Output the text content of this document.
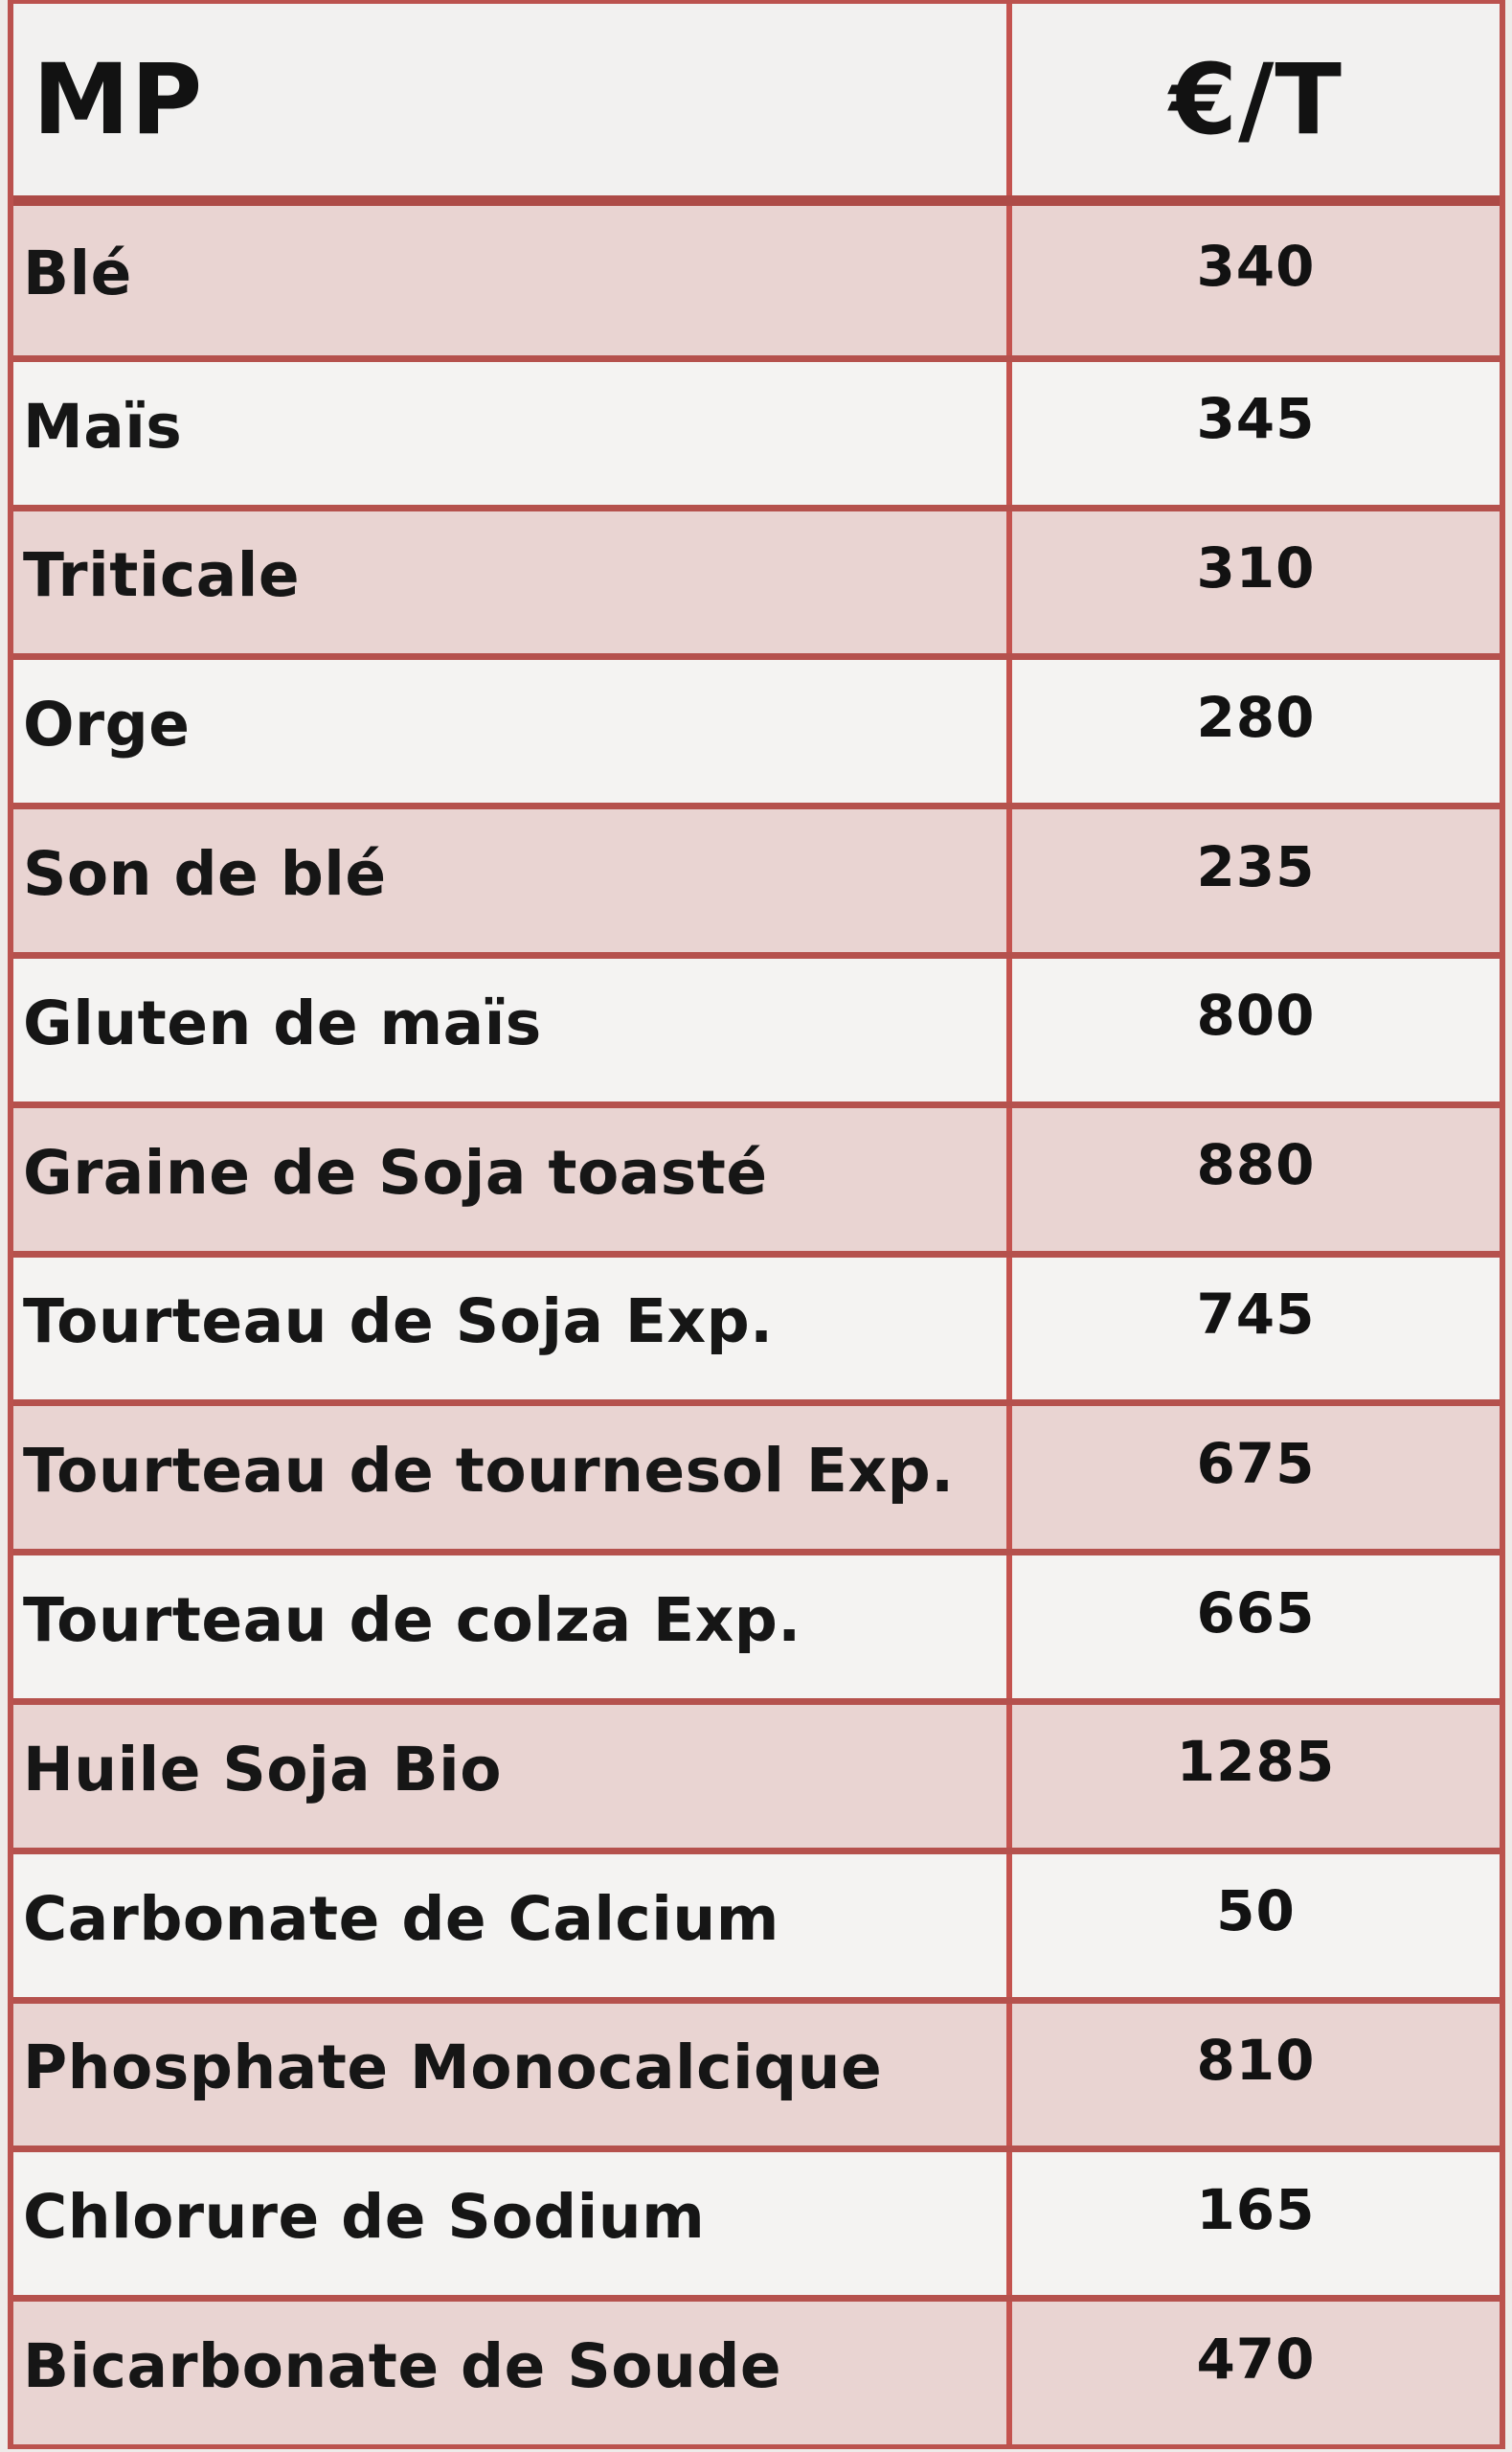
MP	€/T
Blé	340
Maïs	345
Triticale	310
Orge	280
Son de blé	235
Gluten de maïs	800
Graine de Soja toasté	880
Tourteau de Soja Exp.	745
Tourteau de tournesol Exp.	675
Tourteau de colza Exp.	665
Huile Soja Bio	1285
Carbonate de Calcium	50
Phosphate Monocalcique	810
Chlorure de Sodium	165
Bicarbonate de Soude	470
